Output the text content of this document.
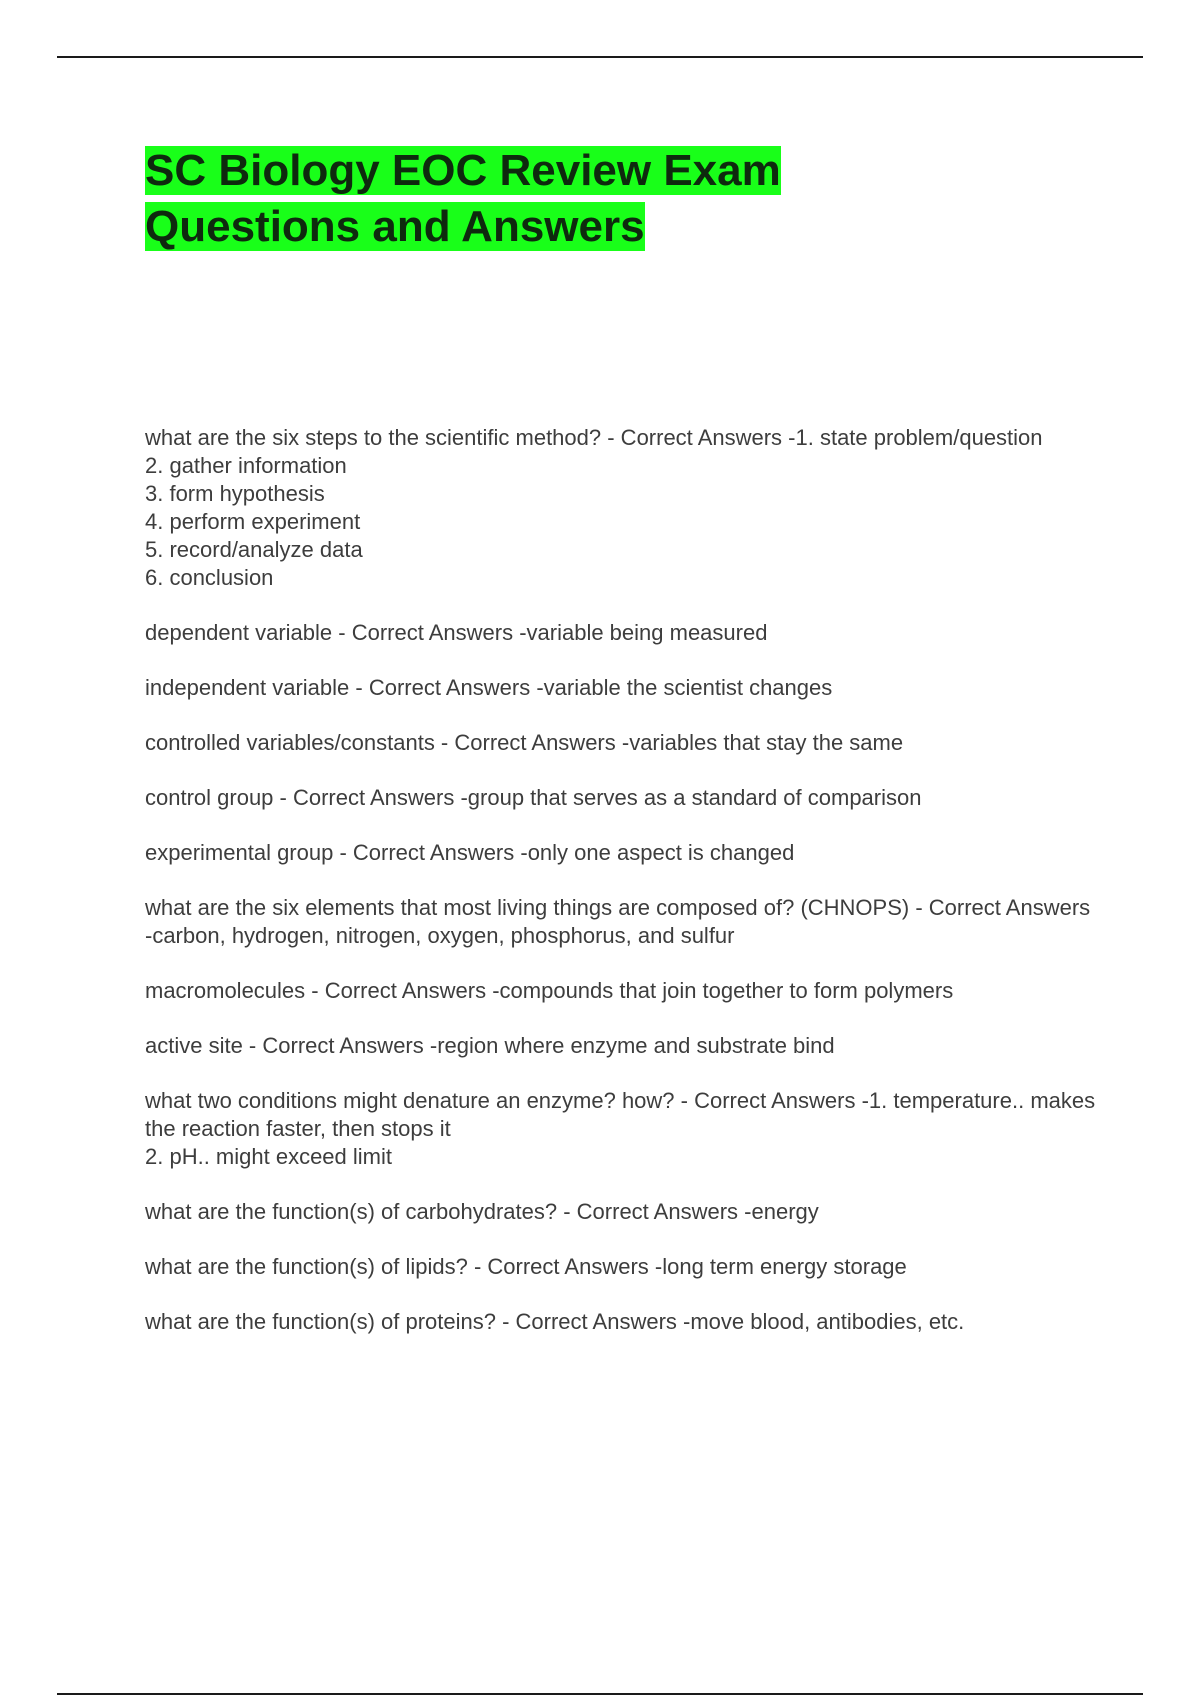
SC Biology EOC Review Exam Questions and Answers

what are the six steps to the scientific method? - Correct Answers -1. state problem/question
2. gather information
3. form hypothesis
4. perform experiment
5. record/analyze data
6. conclusion

dependent variable - Correct Answers -variable being measured

independent variable - Correct Answers -variable the scientist changes

controlled variables/constants - Correct Answers -variables that stay the same

control group - Correct Answers -group that serves as a standard of comparison

experimental group - Correct Answers -only one aspect is changed

what are the six elements that most living things are composed of? (CHNOPS) - Correct Answers -carbon, hydrogen, nitrogen, oxygen, phosphorus, and sulfur

macromolecules - Correct Answers -compounds that join together to form polymers

active site - Correct Answers -region where enzyme and substrate bind

what two conditions might denature an enzyme? how? - Correct Answers -1. temperature.. makes the reaction faster, then stops it
2. pH.. might exceed limit

what are the function(s) of carbohydrates? - Correct Answers -energy

what are the function(s) of lipids? - Correct Answers -long term energy storage

what are the function(s) of proteins? - Correct Answers -move blood, antibodies, etc.
